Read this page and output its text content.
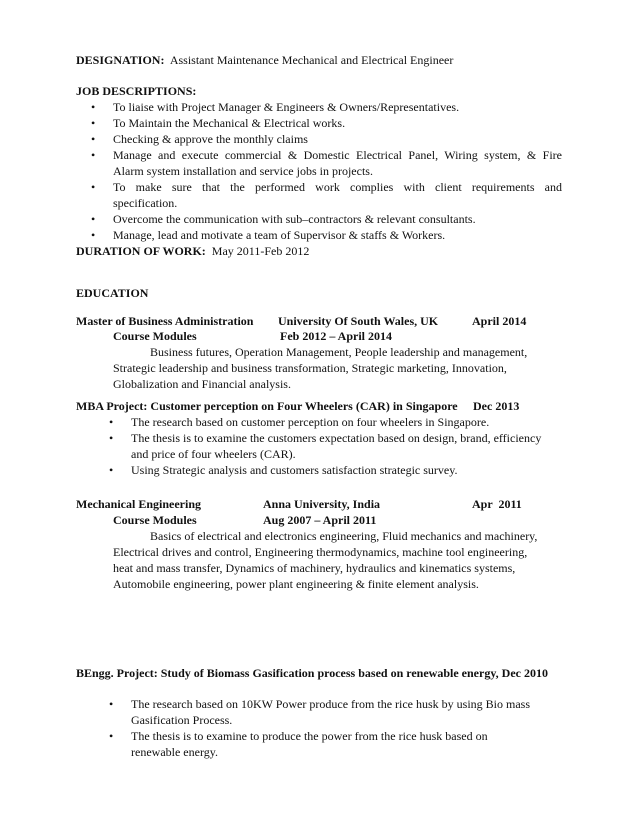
DESIGNATION: Assistant Maintenance Mechanical and Electrical Engineer
JOB DESCRIPTIONS:
• To liaise with Project Manager & Engineers & Owners/Representatives.
• To Maintain the Mechanical & Electrical works.
• Checking & approve the monthly claims
• Manage and execute commercial & Domestic Electrical Panel, Wiring system, & Fire
Alarm system installation and service jobs in projects.
• To make sure that the performed work complies with client requirements and
specification.
• Overcome the communication with sub–contractors & relevant consultants.
• Manage, lead and motivate a team of Supervisor & staffs & Workers.
DURATION OF WORK: May 2011-Feb 2012
EDUCATION
Master of Business Administration University Of South Wales, UK	April 2014
Course Modules	Feb 2012 – April 2014
Business futures, Operation Management, People leadership and management,
Strategic leadership and business transformation, Strategic marketing, Innovation,
Globalization and Financial analysis.
MBA Project: Customer perception on Four Wheelers (CAR) in Singapore Dec 2013
• The research based on customer perception on four wheelers in Singapore.
• The thesis is to examine the customers expectation based on design, brand, efficiency
and price of four wheelers (CAR).
• Using Strategic analysis and customers satisfaction strategic survey.
Mechanical Engineering	Anna University, India	Apr  2011
Course Modules	Aug 2007 – April 2011
Basics of electrical and electronics engineering, Fluid mechanics and machinery,
Electrical drives and control, Engineering thermodynamics, machine tool engineering,
heat and mass transfer, Dynamics of machinery, hydraulics and kinematics systems,
Automobile engineering, power plant engineering & finite element analysis.
BEngg. Project: Study of Biomass Gasification process based on renewable energy, Dec 2010
• The research based on 10KW Power produce from the rice husk by using Bio mass
Gasification Process.
• The thesis is to examine to produce the power from the rice husk based on
renewable energy.
